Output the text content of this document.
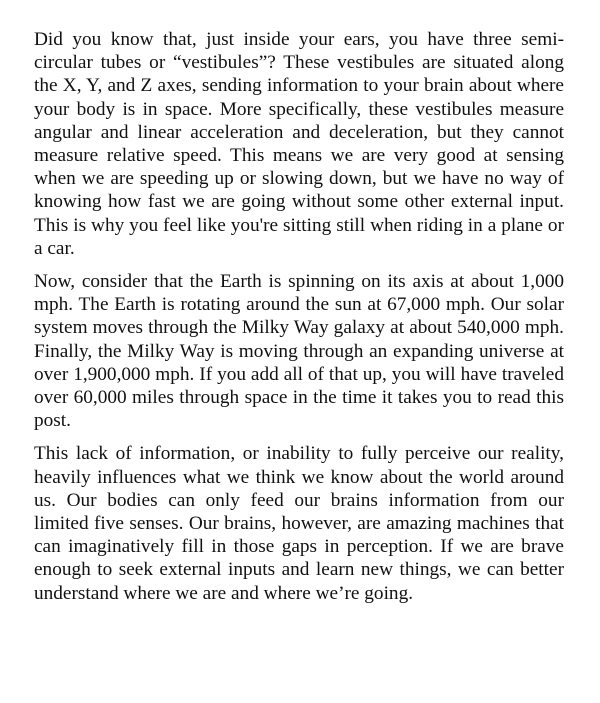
Did you know that, just inside your ears, you have three semi-circular tubes or “vestibules”? These vestibules are situated along the X, Y, and Z axes, sending information to your brain about where your body is in space. More specifically, these vestibules measure angular and linear acceleration and deceleration, but they cannot measure relative speed. This means we are very good at sensing when we are speeding up or slowing down, but we have no way of knowing how fast we are going without some other external input. This is why you feel like you're sitting still when riding in a plane or a car.

Now, consider that the Earth is spinning on its axis at about 1,000 mph. The Earth is rotating around the sun at 67,000 mph. Our solar system moves through the Milky Way galaxy at about 540,000 mph. Finally, the Milky Way is moving through an expanding universe at over 1,900,000 mph. If you add all of that up, you will have traveled over 60,000 miles through space in the time it takes you to read this post.

This lack of information, or inability to fully perceive our reality, heavily influences what we think we know about the world around us. Our bodies can only feed our brains information from our limited five senses. Our brains, however, are amazing machines that can imaginatively fill in those gaps in perception. If we are brave enough to seek external inputs and learn new things, we can better understand where we are and where we’re going.
